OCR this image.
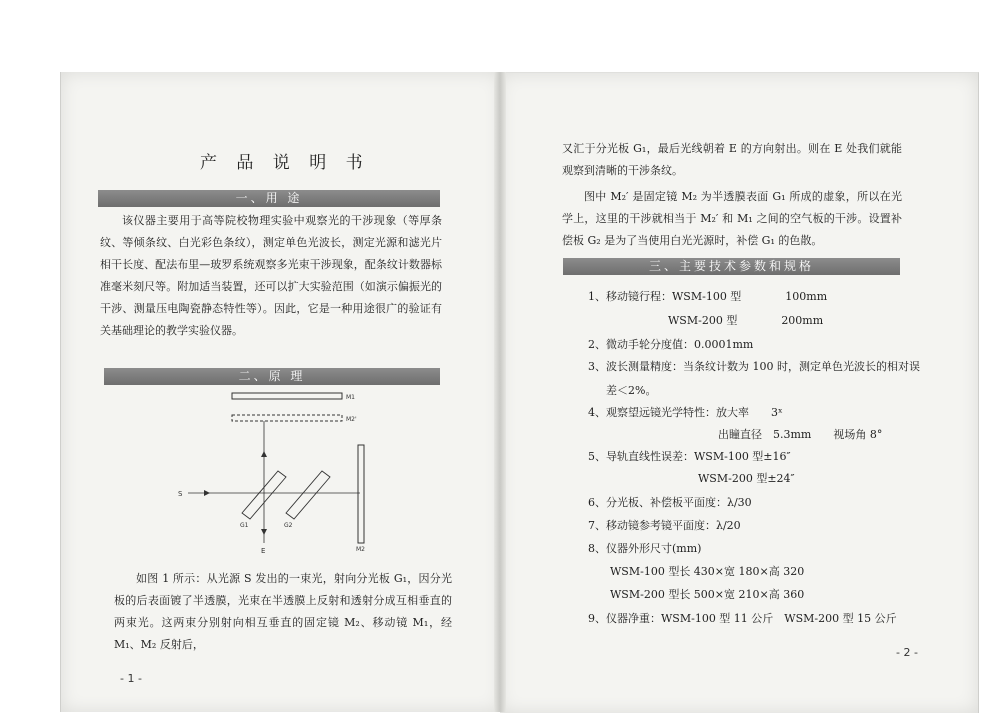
产 品 说 明 书
一、用 途

该仪器主要用于高等院校物理实验中观察光的干涉现象（等厚条纹、等倾条纹、白光彩色条纹），测定单色光波长，测定光源和滤光片相干长度、配法布里—玻罗系统观察多光束干涉现象，配条纹计数器标准毫米刻尺等。附加适当装置，还可以扩大实验范围（如演示偏振光的干涉、测量压电陶瓷静态特性等）。因此，它是一种用途很广的验证有关基础理论的教学实验仪器。

二、原 理
M1
M2'
S
G1	G2
M2
E

如图 1 所示：从光源 S 发出的一束光，射向分光板 G₁，因分光板的后表面镀了半透膜，光束在半透膜上反射和透射分成互相垂直的两束光。这两束分别射向相互垂直的固定镜 M₂、移动镜 M₁，经 M₁、M₂ 反射后，

- 1 -

又汇于分光板 G₁，最后光线朝着 E 的方向射出。则在 E 处我们就能观察到清晰的干涉条纹。

图中 M₂′ 是固定镜 M₂ 为半透膜表面 G₁ 所成的虚象，所以在光学上，这里的干涉就相当于 M₂′ 和 M₁ 之间的空气板的干涉。设置补偿板 G₂ 是为了当使用白光光源时，补偿 G₁ 的色散。

三、主要技术参数和规格
1、移动镜行程：WSM-100 型　　　　100mm
WSM-200 型　　　　200mm
2、微动手轮分度值：0.0001mm
3、波长测量精度：当条纹计数为 100 时，测定单色光波长的相对误
差＜2%。
4、观察望远镜光学特性：放大率　　3ˣ
出瞳直径　5.3mm　　视场角 8°
5、导轨直线性误差：WSM-100 型±16″
WSM-200 型±24″
6、分光板、补偿板平面度：λ/30
7、移动镜参考镜平面度：λ/20
8、仪器外形尺寸(mm)
WSM-100 型长 430×宽 180×高 320
WSM-200 型长 500×宽 210×高 360
9、仪器净重：WSM-100 型 11 公斤　WSM-200 型 15 公斤
- 2 -
